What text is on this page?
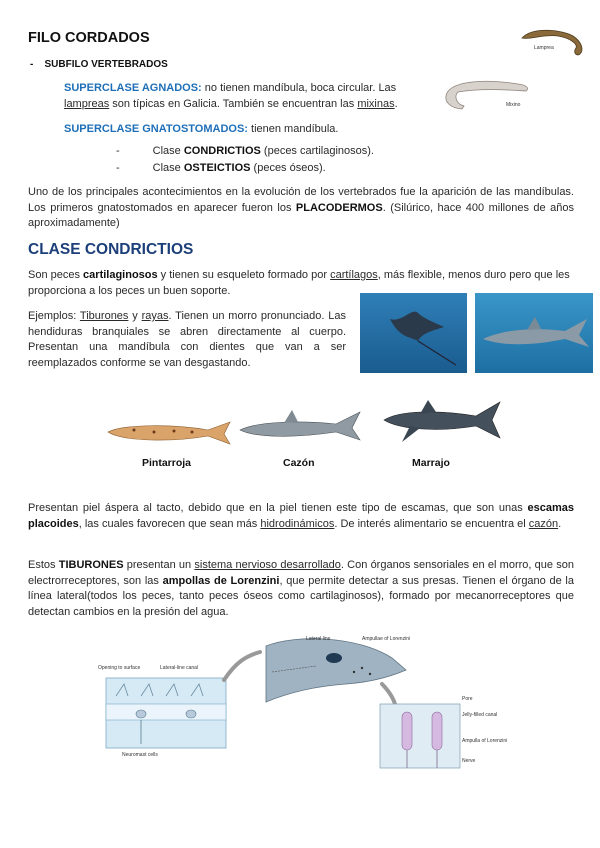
FILO CORDADOS
- SUBFILO VERTEBRADOS
Lamprea
SUPERCLASE AGNADOS: no tienen mandíbula, boca circular. Las
lampreas son típicas en Galicia. También se encuentran las mixinas.	Mixino
SUPERCLASE GNATOSTOMADOS: tienen mandíbula.
-	Clase CONDRICTIOS (peces cartilaginosos).
-	Clase OSTEICTIOS (peces óseos).
Uno de los principales acontecimientos en la evolución de los vertebrados fue la aparición de las mandíbulas. Los primeros gnatostomados en aparecer fueron los PLACODERMOS. (Silúrico, hace 400 millones de años aproximadamente)
CLASE CONDRICTIOS
Son peces cartilaginosos y tienen su esqueleto formado por cartílagos, más flexible, menos duro pero que les proporciona a los peces un buen soporte.
Ejemplos: Tiburones y rayas. Tienen un morro pronunciado. Las hendiduras branquiales se abren directamente al cuerpo. Presentan una mandíbula con dientes que van a ser reemplazados conforme se van desgastando.
Pintarroja	Cazón	Marrajo
Presentan piel áspera al tacto, debido que en la piel tienen este tipo de escamas, que son unas escamas placoides, las cuales favorecen que sean más hidrodinámicos. De interés alimentario se encuentra el cazón.
Estos TIBURONES presentan un sistema nervioso desarrollado. Con órganos sensoriales en el morro, que son electrorreceptores, son las ampollas de Lorenzini, que permite detectar a sus presas. Tienen el órgano de la línea lateral(todos los peces, tanto peces óseos como cartilaginosos), formado por mecanorreceptores que detectan cambios en la presión del agua.
Opening to surface	Lateral-line canal
Neuromast cells
Lateral line	Ampullae of Lorenzini
Pore
Jelly-filled canal
Ampulla of Lorenzini
Nerve
